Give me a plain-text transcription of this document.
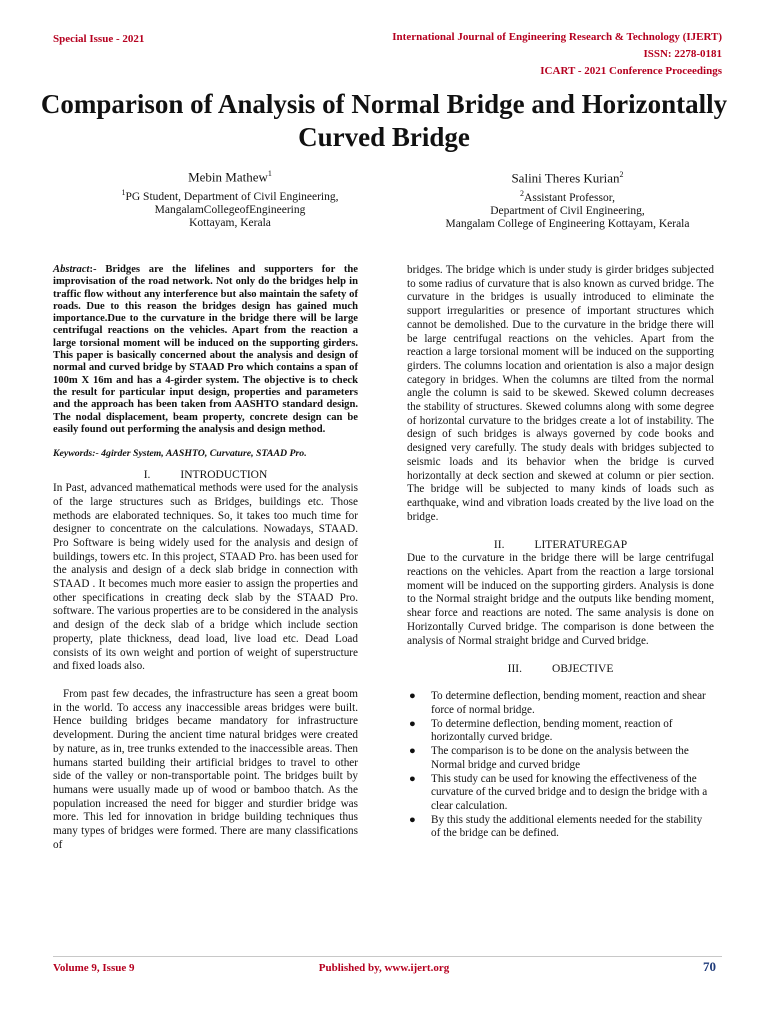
Special Issue - 2021	International Journal of Engineering Research & Technology (IJERT)
ISSN: 2278-0181
ICART - 2021 Conference Proceedings
Comparison of Analysis of Normal Bridge and Horizontally Curved Bridge
Mebin Mathew$^1$
$^1$PG Student, Department of Civil Engineering,
MangalamCollegeofEngineering
Kottayam, Kerala
Salini Theres Kurian$^2$
$^2$Assistant Professor,
Department of Civil Engineering,
Mangalam College of Engineering Kottayam, Kerala

Abstract:- Bridges are the lifelines and supporters for the improvisation of the road network. Not only do the bridges help in traffic flow without any interference but also maintain the safety of roads. Due to this reason the bridges design has gained much importance.Due to the curvature in the bridge there will be large centrifugal reactions on the vehicles. Apart from the reaction a large torsional moment will be induced on the supporting girders. This paper is basically concerned about the analysis and design of normal and curved bridge by STAAD Pro which contains a span of 100m X 16m and has a 4-girder system. The objective is to check the result for particular input design, properties and parameters and the approach has been taken from AASHTO standard design. The nodal displacement, beam property, concrete design can be easily found out performing the analysis and design method.

Keywords:- 4girder System, AASHTO, Curvature, STAAD Pro.

I.	INTRODUCTION

In Past, advanced mathematical methods were used for the analysis of the large structures such as Bridges, buildings etc. Those methods are elaborated techniques. So, it takes too much time for designer to concentrate on the calculations. Nowadays, STAAD. Pro Software is being widely used for the analysis and design of buildings, towers etc. In this project, STAAD Pro. has been used for the analysis and design of a deck slab bridge in connection with STAAD . It becomes much more easier to assign the properties and other specifications in creating deck slab by the STAAD Pro. software. The various properties are to be considered in the analysis and design of the deck slab of a bridge which include section property, plate thickness, dead load, live load etc. Dead Load consists of its own weight and portion of weight of superstructure and fixed loads also.

From past few decades, the infrastructure has seen a great boom in the world. To access any inaccessible areas bridges were built. Hence building bridges became mandatory for infrastructure development. During the ancient time natural bridges were created by nature, as in, tree trunks extended to the inaccessible areas. Then humans started building their artificial bridges to travel to other side of the valley or non-transportable point. The bridges built by humans were usually made up of wood or bamboo thatch. As the population increased the need for bigger and sturdier bridge was more. This led for innovation in bridge building techniques thus many types of bridges were formed. There are many classifications of

bridges. The bridge which is under study is girder bridges subjected to some radius of curvature that is also known as curved bridge. The curvature in the bridges is usually introduced to eliminate the support irregularities or presence of important structures which cannot be demolished. Due to the curvature in the bridge there will be large centrifugal reactions on the vehicles. Apart from the reaction a large torsional moment will be induced on the supporting girders. The columns location and orientation is also a major design category in bridges. When the columns are tilted from the normal angle the column is said to be skewed. Skewed column decreases the stability of structures. Skewed columns along with some degree of horizontal curvature to the bridges create a lot of instability. The design of such bridges is always governed by code books and designed very carefully. The study deals with bridges subjected to seismic loads and its behavior when the bridge is curved horizontally at deck section and skewed at column or pier section. The bridge will be subjected to many kinds of loads such as earthquake, wind and vibration loads created by the live load on the bridge.

II.	LITERATUREGAP

Due to the curvature in the bridge there will be large centrifugal reactions on the vehicles. Apart from the reaction a large torsional moment will be induced on the supporting girders. Analysis is done to the Normal straight bridge and the outputs like bending moment, shear force and reactions are noted. The same analysis is done on Horizontally Curved bridge. The comparison is done between the analysis of Normal straight bridge and Curved bridge.

III.	OBJECTIVE

● To determine deflection, bending moment, reaction and shear force of normal bridge.
● To determine deflection, bending moment, reaction of horizontally curved bridge.
● The comparison is to be done on the analysis between the Normal bridge and curved bridge
● This study can be used for knowing the effectiveness of the curvature of the curved bridge and to design the bridge with a clear calculation.
● By this study the additional elements needed for the stability of the bridge can be defined.
Volume 9, Issue 9	Published by, www.ijert.org	70
